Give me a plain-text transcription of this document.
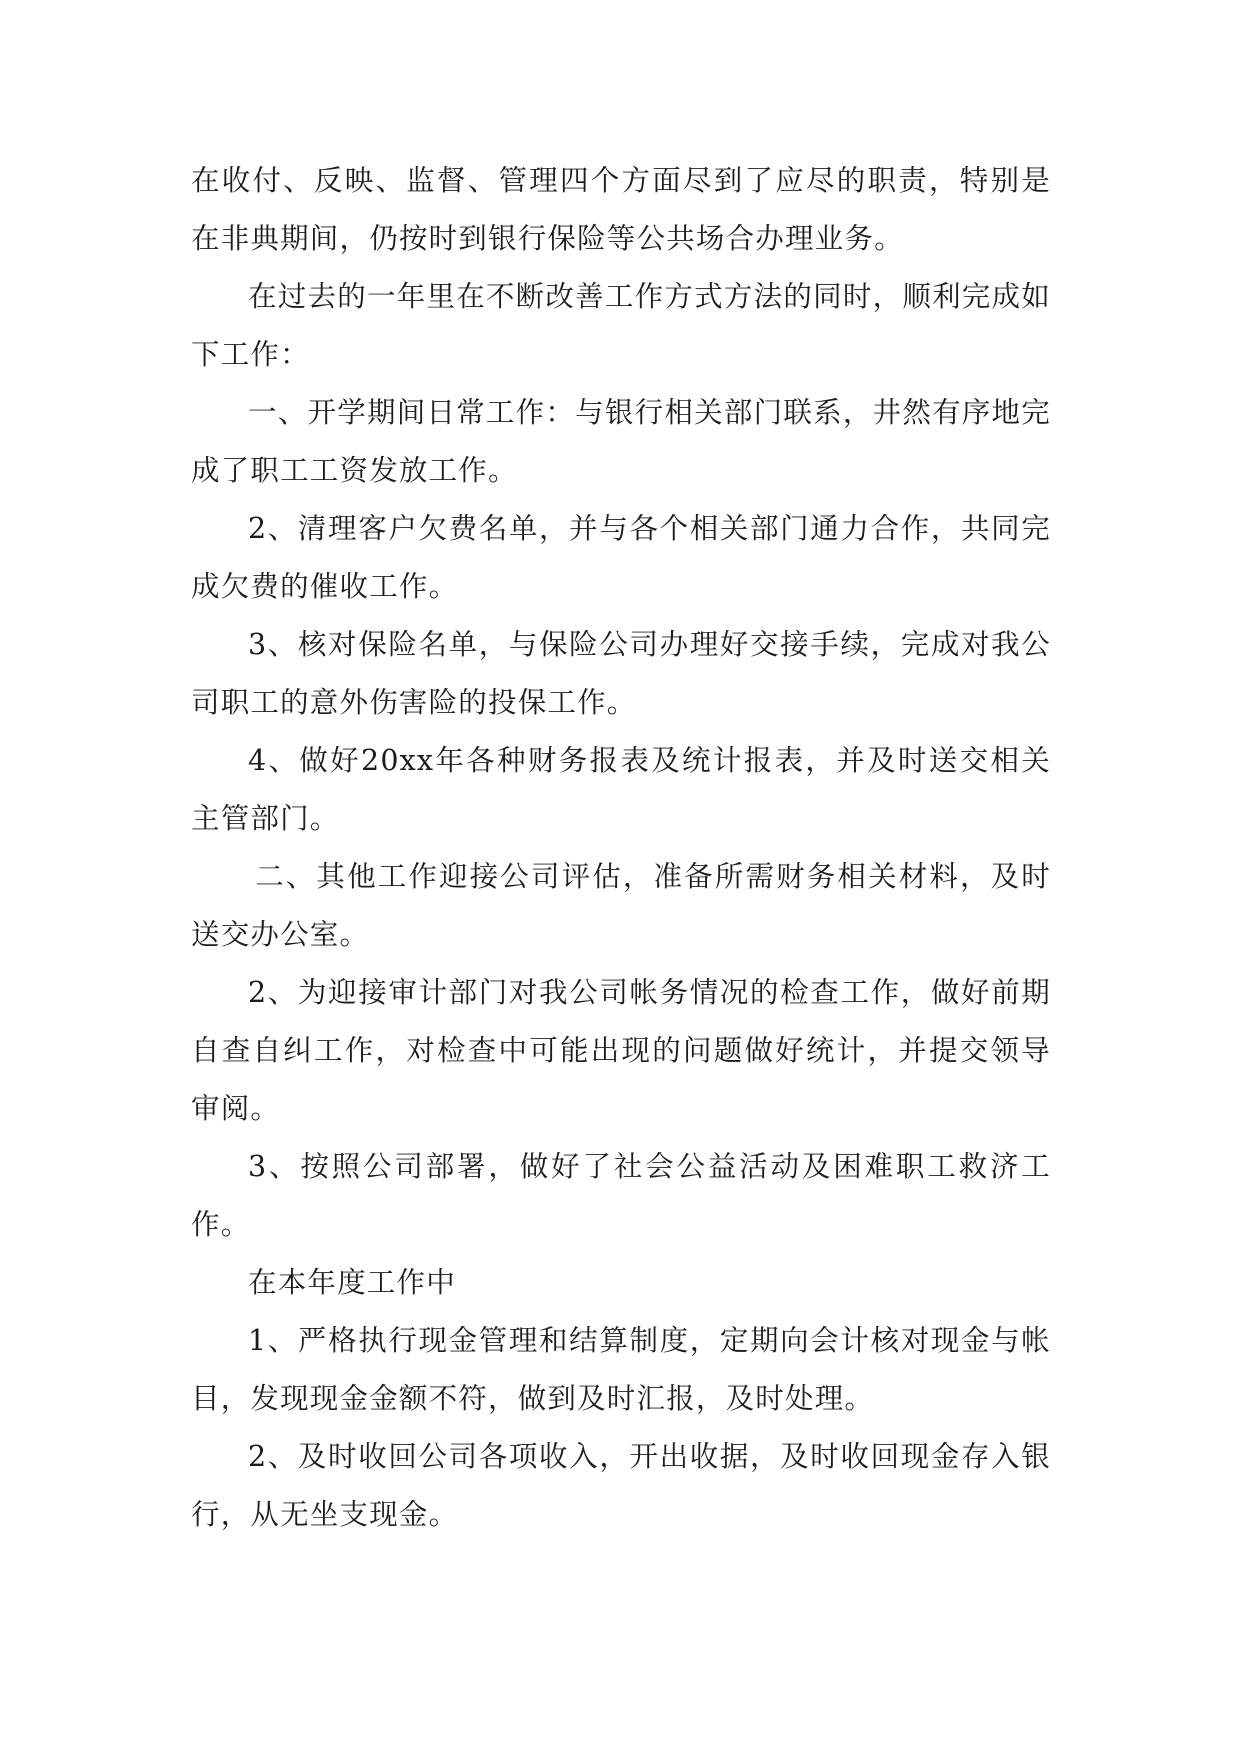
在收付、反映、监督、管理四个方面尽到了应尽的职责，特别是在非典期间，仍按时到银行保险等公共场合办理业务。

在过去的一年里在不断改善工作方式方法的同时，顺利完成如下工作：

一、开学期间日常工作：与银行相关部门联系，井然有序地完成了职工工资发放工作。

2、清理客户欠费名单，并与各个相关部门通力合作，共同完成欠费的催收工作。

3、核对保险名单，与保险公司办理好交接手续，完成对我公司职工的意外伤害险的投保工作。

4、做好20xx年各种财务报表及统计报表，并及时送交相关主管部门。

二、其他工作迎接公司评估，准备所需财务相关材料，及时送交办公室。

2、为迎接审计部门对我公司帐务情况的检查工作，做好前期自查自纠工作，对检查中可能出现的问题做好统计，并提交领导审阅。

3、按照公司部署，做好了社会公益活动及困难职工救济工作。

在本年度工作中

1、严格执行现金管理和结算制度，定期向会计核对现金与帐目，发现现金金额不符，做到及时汇报，及时处理。

2、及时收回公司各项收入，开出收据，及时收回现金存入银行，从无坐支现金。
